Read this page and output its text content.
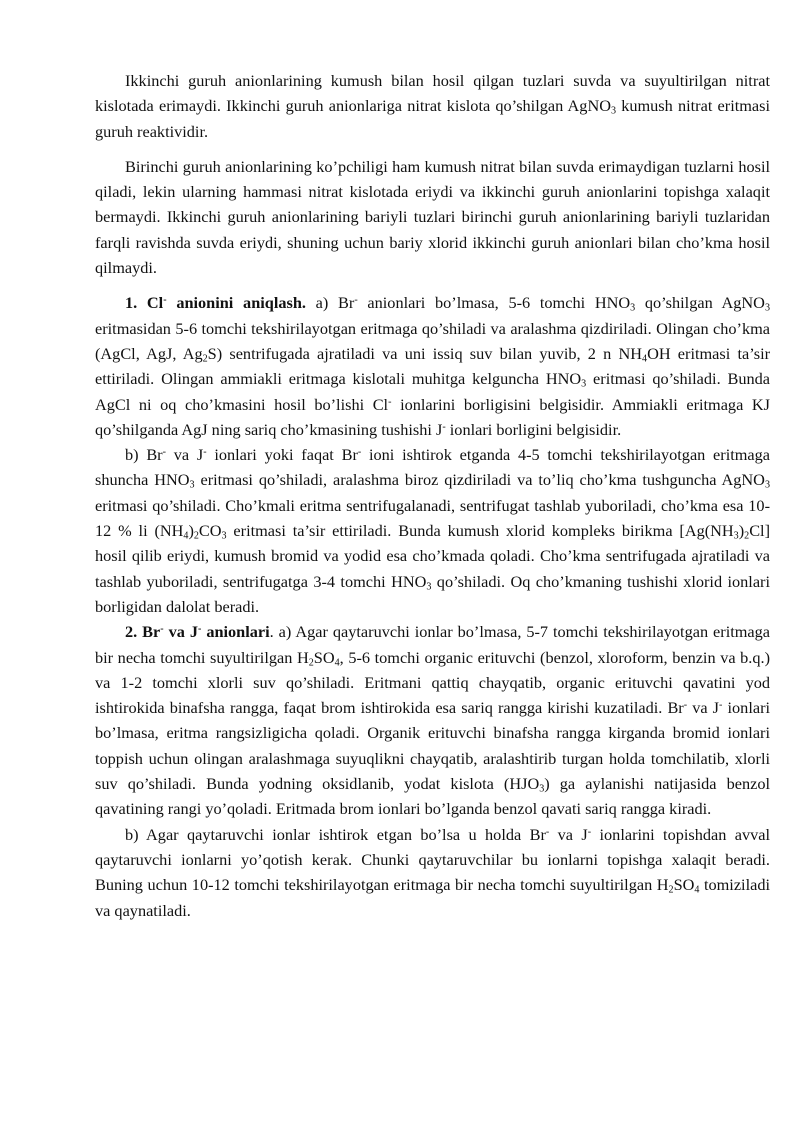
Ikkinchi guruh anionlarining kumush bilan hosil qilgan tuzlari suvda va suyultirilgan nitrat kislotada erimaydi. Ikkinchi guruh anionlariga nitrat kislota qo’shilgan AgNO$_3$ kumush nitrat eritmasi guruh reaktividir.

Birinchi guruh anionlarining ko’pchiligi ham kumush nitrat bilan suvda erimaydigan tuzlarni hosil qiladi, lekin ularning hammasi nitrat kislotada eriydi va ikkinchi guruh anionlarini topishga xalaqit bermaydi. Ikkinchi guruh anionlarining bariyli tuzlari birinchi guruh anionlarining bariyli tuzlaridan farqli ravishda suvda eriydi, shuning uchun bariy xlorid ikkinchi guruh anionlari bilan cho’kma hosil qilmaydi.

1. Cl- anionini aniqlash. a) Br- anionlari bo’lmasa, 5-6 tomchi $HNO_3$ qo’shilgan AgNO$_3$ eritmasidan 5-6 tomchi tekshirilayotgan eritmaga qo’shiladi va aralashma qizdiriladi. Olingan cho’kma (AgCl, AgJ, $Ag_2S$) sentrifugada ajratiladi va uni issiq suv bilan yuvib, 2 n $NH_4OH$ eritmasi ta’sir ettiriladi. Olingan ammiakli eritmaga kislotali muhitga kelguncha $HNO_3$ eritmasi qo’shiladi. Bunda AgCl ni oq cho’kmasini hosil bo’lishi Cl- ionlarini borligisini belgisidir. Ammiakli eritmaga KJ qo’shilganda AgJ ning sariq cho’kmasining tushishi J- ionlari borligini belgisidir.

b) Br- va J- ionlari yoki faqat Br- ioni ishtirok etganda 4-5 tomchi tekshirilayotgan eritmaga shuncha $HNO_3$ eritmasi qo’shiladi, aralashma biroz qizdiriladi va to’liq cho’kma tushguncha AgNO$_3$ eritmasi qo’shiladi. Cho’kmali eritma sentrifugalanadi, sentrifugat tashlab yuboriladi, cho’kma esa 10-12 % li $(NH_4)_2CO_3$ eritmasi ta’sir ettiriladi. Bunda kumush xlorid kompleks birikma $[Ag(NH_3)_2Cl]$ hosil qilib eriydi, kumush bromid va yodid esa cho’kmada qoladi. Cho’kma sentrifugada ajratiladi va tashlab yuboriladi, sentrifugatga 3-4 tomchi $HNO_3$ qo’shiladi. Oq cho’kmaning tushishi xlorid ionlari borligidan dalolat beradi.

2. Br- va J- anionlari. a) Agar qaytaruvchi ionlar bo’lmasa, 5-7 tomchi tekshirilayotgan eritmaga bir necha tomchi suyultirilgan $H_2SO_4$, 5-6 tomchi organic erituvchi (benzol, xloroform, benzin va b.q.) va 1-2 tomchi xlorli suv qo’shiladi. Eritmani qattiq chayqatib, organic erituvchi qavatini yod ishtirokida binafsha rangga, faqat brom ishtirokida esa sariq rangga kirishi kuzatiladi. Br- va J- ionlari bo’lmasa, eritma rangsizligicha qoladi. Organik erituvchi binafsha rangga kirganda bromid ionlari toppish uchun olingan aralashmaga suyuqlikni chayqatib, aralashtirib turgan holda tomchilatib, xlorli suv qo’shiladi. Bunda yodning oksidlanib, yodat kislota $(HJO_3)$ ga aylanishi natijasida benzol qavatining rangi yo’qoladi. Eritmada brom ionlari bo’lganda benzol qavati sariq rangga kiradi.

b) Agar qaytaruvchi ionlar ishtirok etgan bo’lsa u holda Br- va J- ionlarini topishdan avval qaytaruvchi ionlarni yo’qotish kerak. Chunki qaytaruvchilar bu ionlarni topishga xalaqit beradi. Buning uchun 10-12 tomchi tekshirilayotgan eritmaga bir necha tomchi suyultirilgan $H_2SO_4$ tomiziladi va qaynatiladi.
